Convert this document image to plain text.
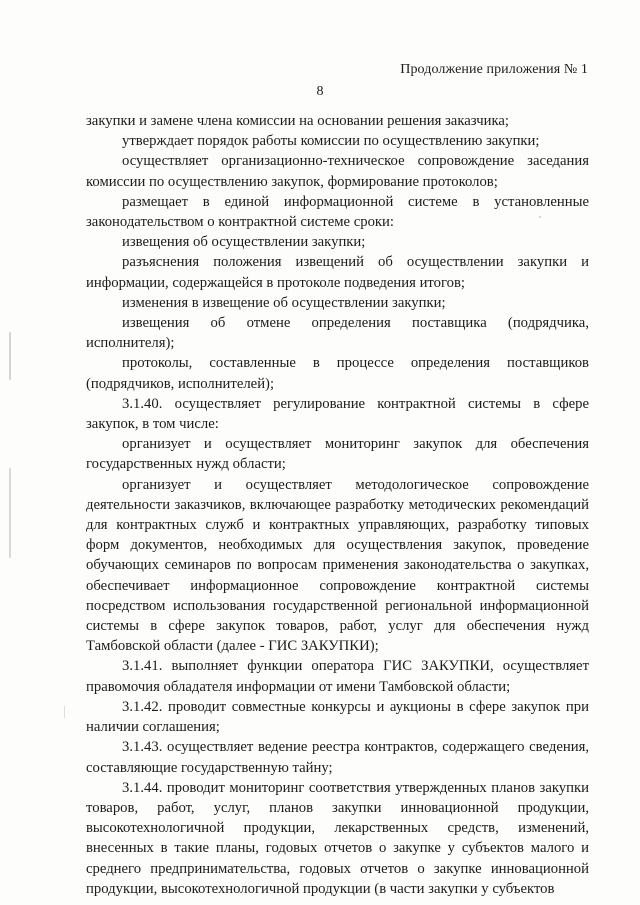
Продолжение приложения № 1
8

закупки и замене члена комиссии на основании решения заказчика;

утверждает порядок работы комиссии по осуществлению закупки;

осуществляет организационно-техническое сопровождение заседания комиссии по осуществлению закупок, формирование протоколов;

размещает в единой информационной системе в установленные законодательством о контрактной системе сроки:

извещения об осуществлении закупки;

разъяснения положения извещений об осуществлении закупки и информации, содержащейся в протоколе подведения итогов;

изменения в извещение об осуществлении закупки;

извещения об отмене определения поставщика (подрядчика, исполнителя);

протоколы, составленные в процессе определения поставщиков (подрядчиков, исполнителей);

3.1.40. осуществляет регулирование контрактной системы в сфере закупок, в том числе:

организует и осуществляет мониторинг закупок для обеспечения государственных нужд области;

организует и осуществляет методологическое сопровождение деятельности заказчиков, включающее разработку методических рекомендаций для контрактных служб и контрактных управляющих, разработку типовых форм документов, необходимых для осуществления закупок, проведение обучающих семинаров по вопросам применения законодательства о закупках, обеспечивает информационное сопровождение контрактной системы посредством использования государственной региональной информационной системы в сфере закупок товаров, работ, услуг для обеспечения нужд Тамбовской области (далее - ГИС ЗАКУПКИ);

3.1.41. выполняет функции оператора ГИС ЗАКУПКИ, осуществляет правомочия обладателя информации от имени Тамбовской области;

3.1.42. проводит совместные конкурсы и аукционы в сфере закупок при наличии соглашения;

3.1.43. осуществляет ведение реестра контрактов, содержащего сведения, составляющие государственную тайну;

3.1.44. проводит мониторинг соответствия утвержденных планов закупки товаров, работ, услуг, планов закупки инновационной продукции, высокотехнологичной продукции, лекарственных средств, изменений, внесенных в такие планы, годовых отчетов о закупке у субъектов малого и среднего предпринимательства, годовых отчетов о закупке инновационной продукции, высокотехнологичной продукции (в части закупки у субъектов
